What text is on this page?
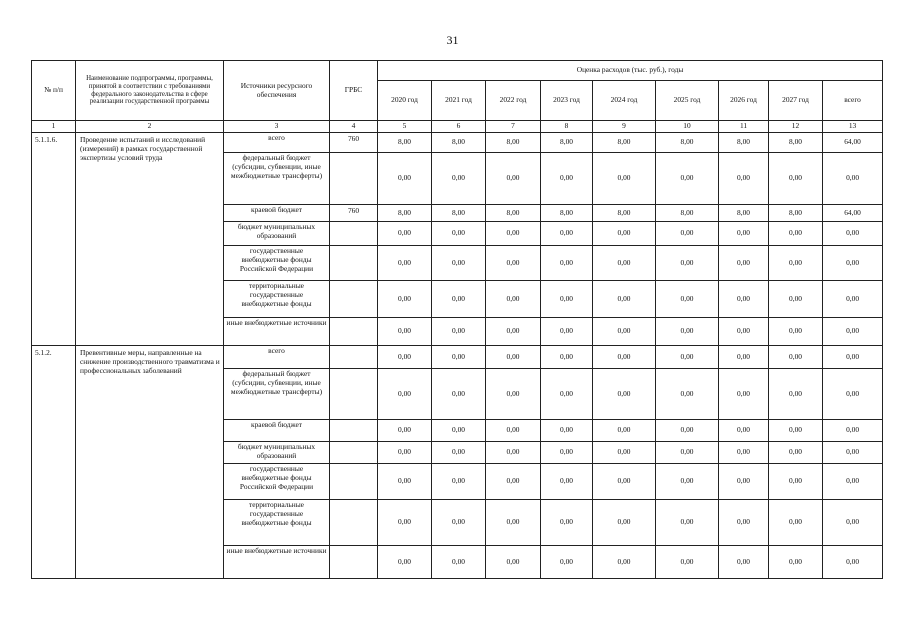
31
№ п/п	Наименование подпрограммы, программы, принятой в соответствии с требованиями федерального законодательства в сфере реализации государственной программы	Источники ресурсного обеспечения	ГРБС	Оценка расходов (тыс. руб.), годы								
				2020 год	2021 год	2022 год	2023 год	2024 год	2025 год	2026 год	2027 год	всего
1	2	3	4	5	6	7	8	9	10	11	12	13
5.1.1.6.	Проведение испытаний и исследований (измерений) в рамках государственной экспертизы условий труда	всего	760	8,00	8,00	8,00	8,00	8,00	8,00	8,00	8,00	64,00
		федеральный бюджет (субсидии, субвенции, иные межбюджетные трансферты)		0,00	0,00	0,00	0,00	0,00	0,00	0,00	0,00	0,00
		краевой бюджет	760	8,00	8,00	8,00	8,00	8,00	8,00	8,00	8,00	64,00
		бюджет муниципальных образований		0,00	0,00	0,00	0,00	0,00	0,00	0,00	0,00	0,00
		государственные внебюджетные фонды Российской Федерации		0,00	0,00	0,00	0,00	0,00	0,00	0,00	0,00	0,00
		территориальные государственные внебюджетные фонды		0,00	0,00	0,00	0,00	0,00	0,00	0,00	0,00	0,00
		иные внебюджетные источники		0,00	0,00	0,00	0,00	0,00	0,00	0,00	0,00	0,00
5.1.2.	Превентивные меры, направленные на снижение производственного травматизма и профессиональных заболеваний	всего		0,00	0,00	0,00	0,00	0,00	0,00	0,00	0,00	0,00
		федеральный бюджет (субсидии, субвенции, иные межбюджетные трансферты)		0,00	0,00	0,00	0,00	0,00	0,00	0,00	0,00	0,00
		краевой бюджет		0,00	0,00	0,00	0,00	0,00	0,00	0,00	0,00	0,00
		бюджет муниципальных образований		0,00	0,00	0,00	0,00	0,00	0,00	0,00	0,00	0,00
		государственные внебюджетные фонды Российской Федерации		0,00	0,00	0,00	0,00	0,00	0,00	0,00	0,00	0,00
		территориальные государственные внебюджетные фонды		0,00	0,00	0,00	0,00	0,00	0,00	0,00	0,00	0,00
		иные внебюджетные источники		0,00	0,00	0,00	0,00	0,00	0,00	0,00	0,00	0,00
